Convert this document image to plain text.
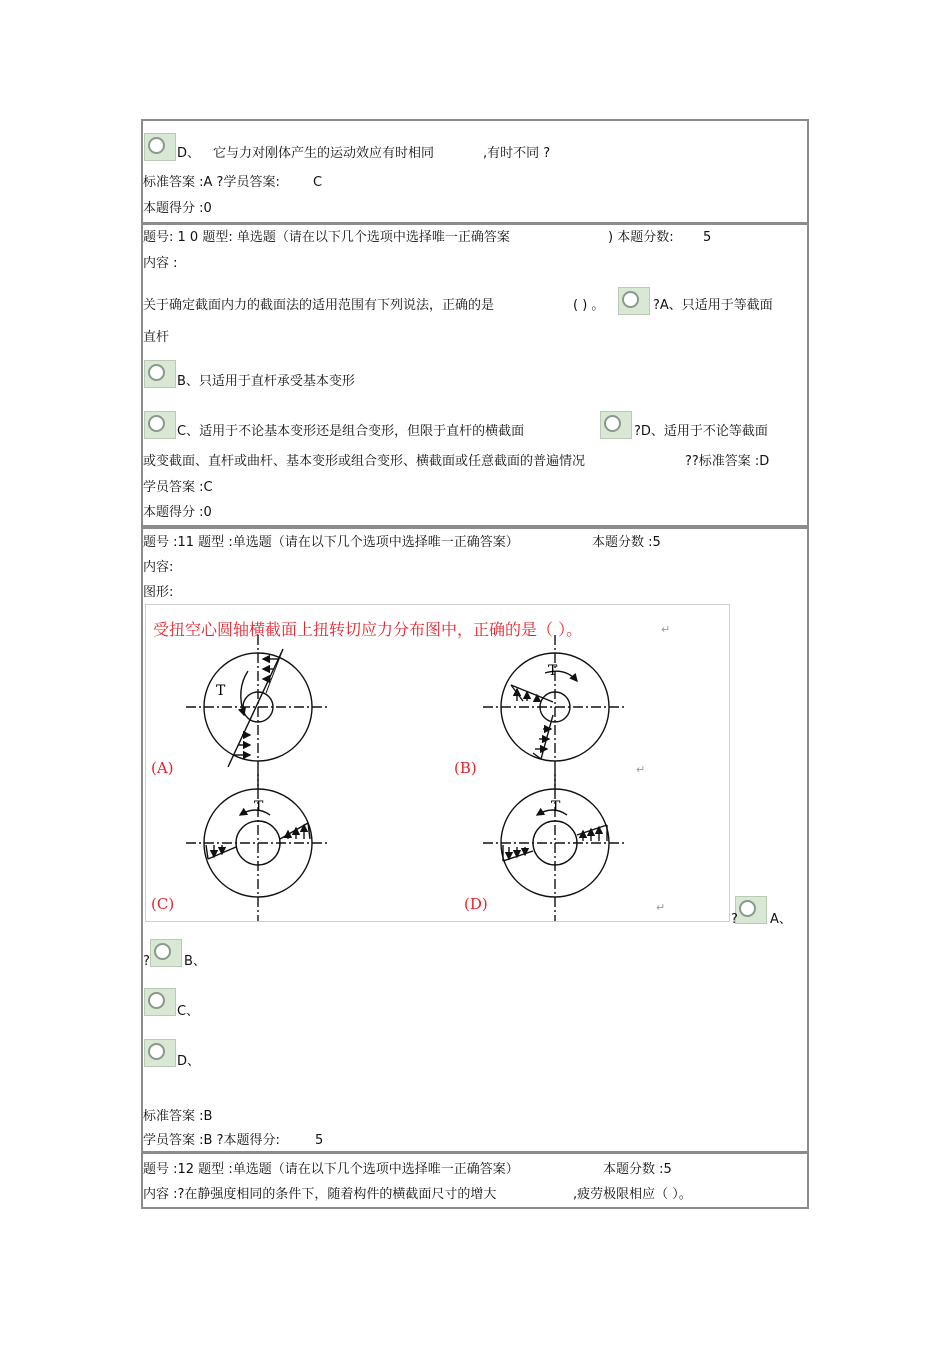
D、 它与力对刚体产生的运动效应有时相同	,有时不同 ?
标准答案 :A ?学员答案:	C
本题得分 :0
题号: 1 0 题型: 单选题（请在以下几个选项中选择唯一正确答案	) 本题分数: 5
内容 :
关于确定截面内力的截面法的适用范围有下列说法，正确的是	( ) 。	?A、只适用于等截面
直杆
B、只适用于直杆承受基本变形
C、适用于不论基本变形还是组合变形，但限于直杆的横截面	?D、适用于不论等截面
或变截面、直杆或曲杆、基本变形或组合变形、横截面或任意截面的普遍情况	??标准答案 :D
学员答案 :C
本题得分 :0
题号 :11 题型 :单选题（请在以下几个选项中选择唯一正确答案）	本题分数 :5
内容:
图形:
? A、
?	B、
C、
D、
标准答案 :B
学员答案 :B ?本题得分:	5
受扭空心圆轴横截面上扭转切应力分布图中，正确的是（ ）。
T
T
T	T
(A)	(B)
(C)	(D)
↵
↵
↵
题号 :12 题型 :单选题（请在以下几个选项中选择唯一正确答案）	本题分数 :5
内容 :?在静强度相同的条件下，随着构件的横截面尺寸的增大	,疲劳极限相应（ ）。
